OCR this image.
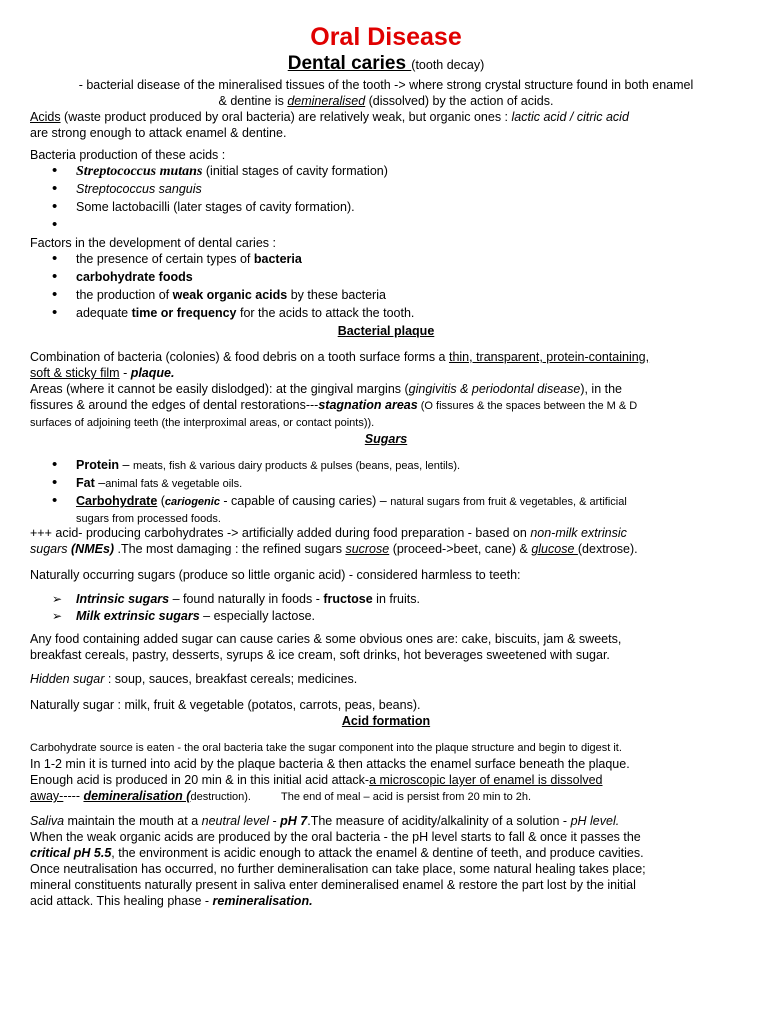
Oral Disease

Dental caries (tooth decay)

- bacterial disease of the mineralised tissues of the tooth -> where strong crystal structure found in both enamel

& dentine is demineralised (dissolved) by the action of acids.

Acids (waste product produced by oral bacteria) are relatively weak, but organic ones : lactic acid / citric acid
are strong enough to attack enamel & dentine.

Bacteria production of these acids :

• Streptococcus mutans (initial stages of cavity formation)
• Streptococcus sanguis
• Some lactobacilli (later stages of cavity formation).
•

Factors in the development of dental caries :

• the presence of certain types of bacteria
• carbohydrate foods
• the production of weak organic acids by these bacteria
• adequate time or frequency for the acids to attack the tooth.

Bacterial plaque

Combination of bacteria (colonies) & food debris on a tooth surface forms a thin, transparent, protein-containing,
soft & sticky film - plaque.
Areas (where it cannot be easily dislodged): at the gingival margins (gingivitis & periodontal disease), in the
fissures & around the edges of dental restorations---stagnation areas (O fissures & the spaces between the M & D
surfaces of adjoining teeth (the interproximal areas, or contact points)).

Sugars

• Protein – meats, fish & various dairy products & pulses (beans, peas, lentils).
• Fat –animal fats & vegetable oils.
• Carbohydrate (cariogenic - capable of causing caries) – natural sugars from fruit & vegetables, & artificial
sugars from processed foods.

+++ acid- producing carbohydrates -> artificially added during food preparation - based on non-milk extrinsic
sugars (NMEs) .The most damaging : the refined sugars sucrose (proceed->beet, cane) & glucose (dextrose).

Naturally occurring sugars (produce so little organic acid) - considered harmless to teeth:

➢ Intrinsic sugars – found naturally in foods - fructose in fruits.
➢ Milk extrinsic sugars – especially lactose.

Any food containing added sugar can cause caries & some obvious ones are: cake, biscuits, jam & sweets,
breakfast cereals, pastry, desserts, syrups & ice cream, soft drinks, hot beverages sweetened with sugar.

Hidden sugar : soup, sauces, breakfast cereals; medicines.

Naturally sugar : milk, fruit & vegetable (potatos, carrots, peas, beans).

Acid formation

Carbohydrate source is eaten - the oral bacteria take the sugar component into the plaque structure and begin to digest it.
In 1-2 min it is turned into acid by the plaque bacteria & then attacks the enamel surface beneath the plaque.
Enough acid is produced in 20 min & in this initial acid attack-a microscopic layer of enamel is dissolved
away----- demineralisation (destruction).	The end of meal – acid is persist from 20 min to 2h.

Saliva maintain the mouth at a neutral level - pH 7.The measure of acidity/alkalinity of a solution - pH level.
When the weak organic acids are produced by the oral bacteria - the pH level starts to fall & once it passes the
critical pH 5.5, the environment is acidic enough to attack the enamel & dentine of teeth, and produce cavities.
Once neutralisation has occurred, no further demineralisation can take place, some natural healing takes place;
mineral constituents naturally present in saliva enter demineralised enamel & restore the part lost by the initial
acid attack. This healing phase - remineralisation.
